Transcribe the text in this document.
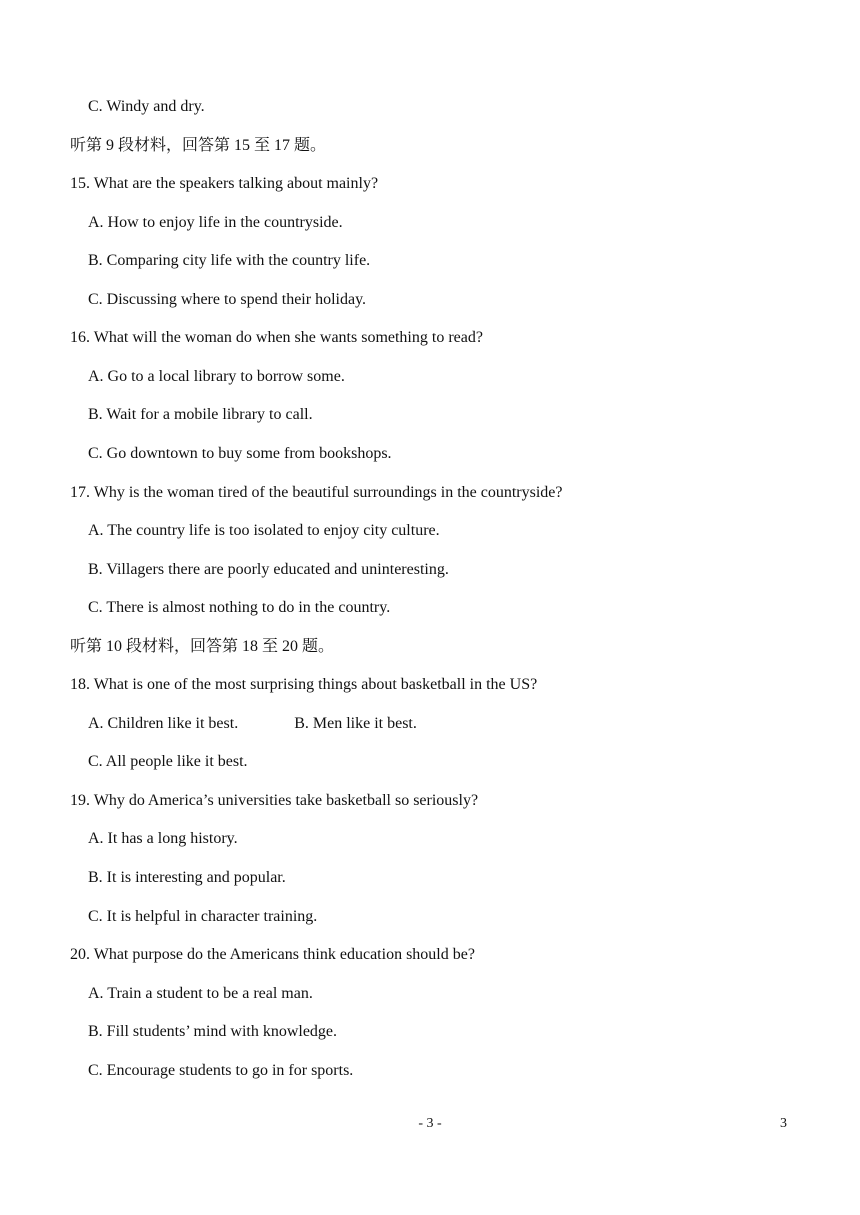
C. Windy and dry.
听第 9 段材料，回答第 15 至 17 题。
15. What are the speakers talking about mainly?
A. How to enjoy life in the countryside.
B. Comparing city life with the country life.
C. Discussing where to spend their holiday.
16. What will the woman do when she wants something to read?
A. Go to a local library to borrow some.
B. Wait for a mobile library to call.
C. Go downtown to buy some from bookshops.
17. Why is the woman tired of the beautiful surroundings in the countryside?
A. The country life is too isolated to enjoy city culture.
B. Villagers there are poorly educated and uninteresting.
C. There is almost nothing to do in the country.
听第 10 段材料，回答第 18 至 20 题。
18. What is one of the most surprising things about basketball in the US?
A. Children like it best.              B. Men like it best.
C. All people like it best.
19. Why do America’s universities take basketball so seriously?
A. It has a long history.
B. It is interesting and popular.
C. It is helpful in character training.
20. What purpose do the Americans think education should be?
A. Train a student to be a real man.
B. Fill students’ mind with knowledge.
C. Encourage students to go in for sports.
- 3 -	3
